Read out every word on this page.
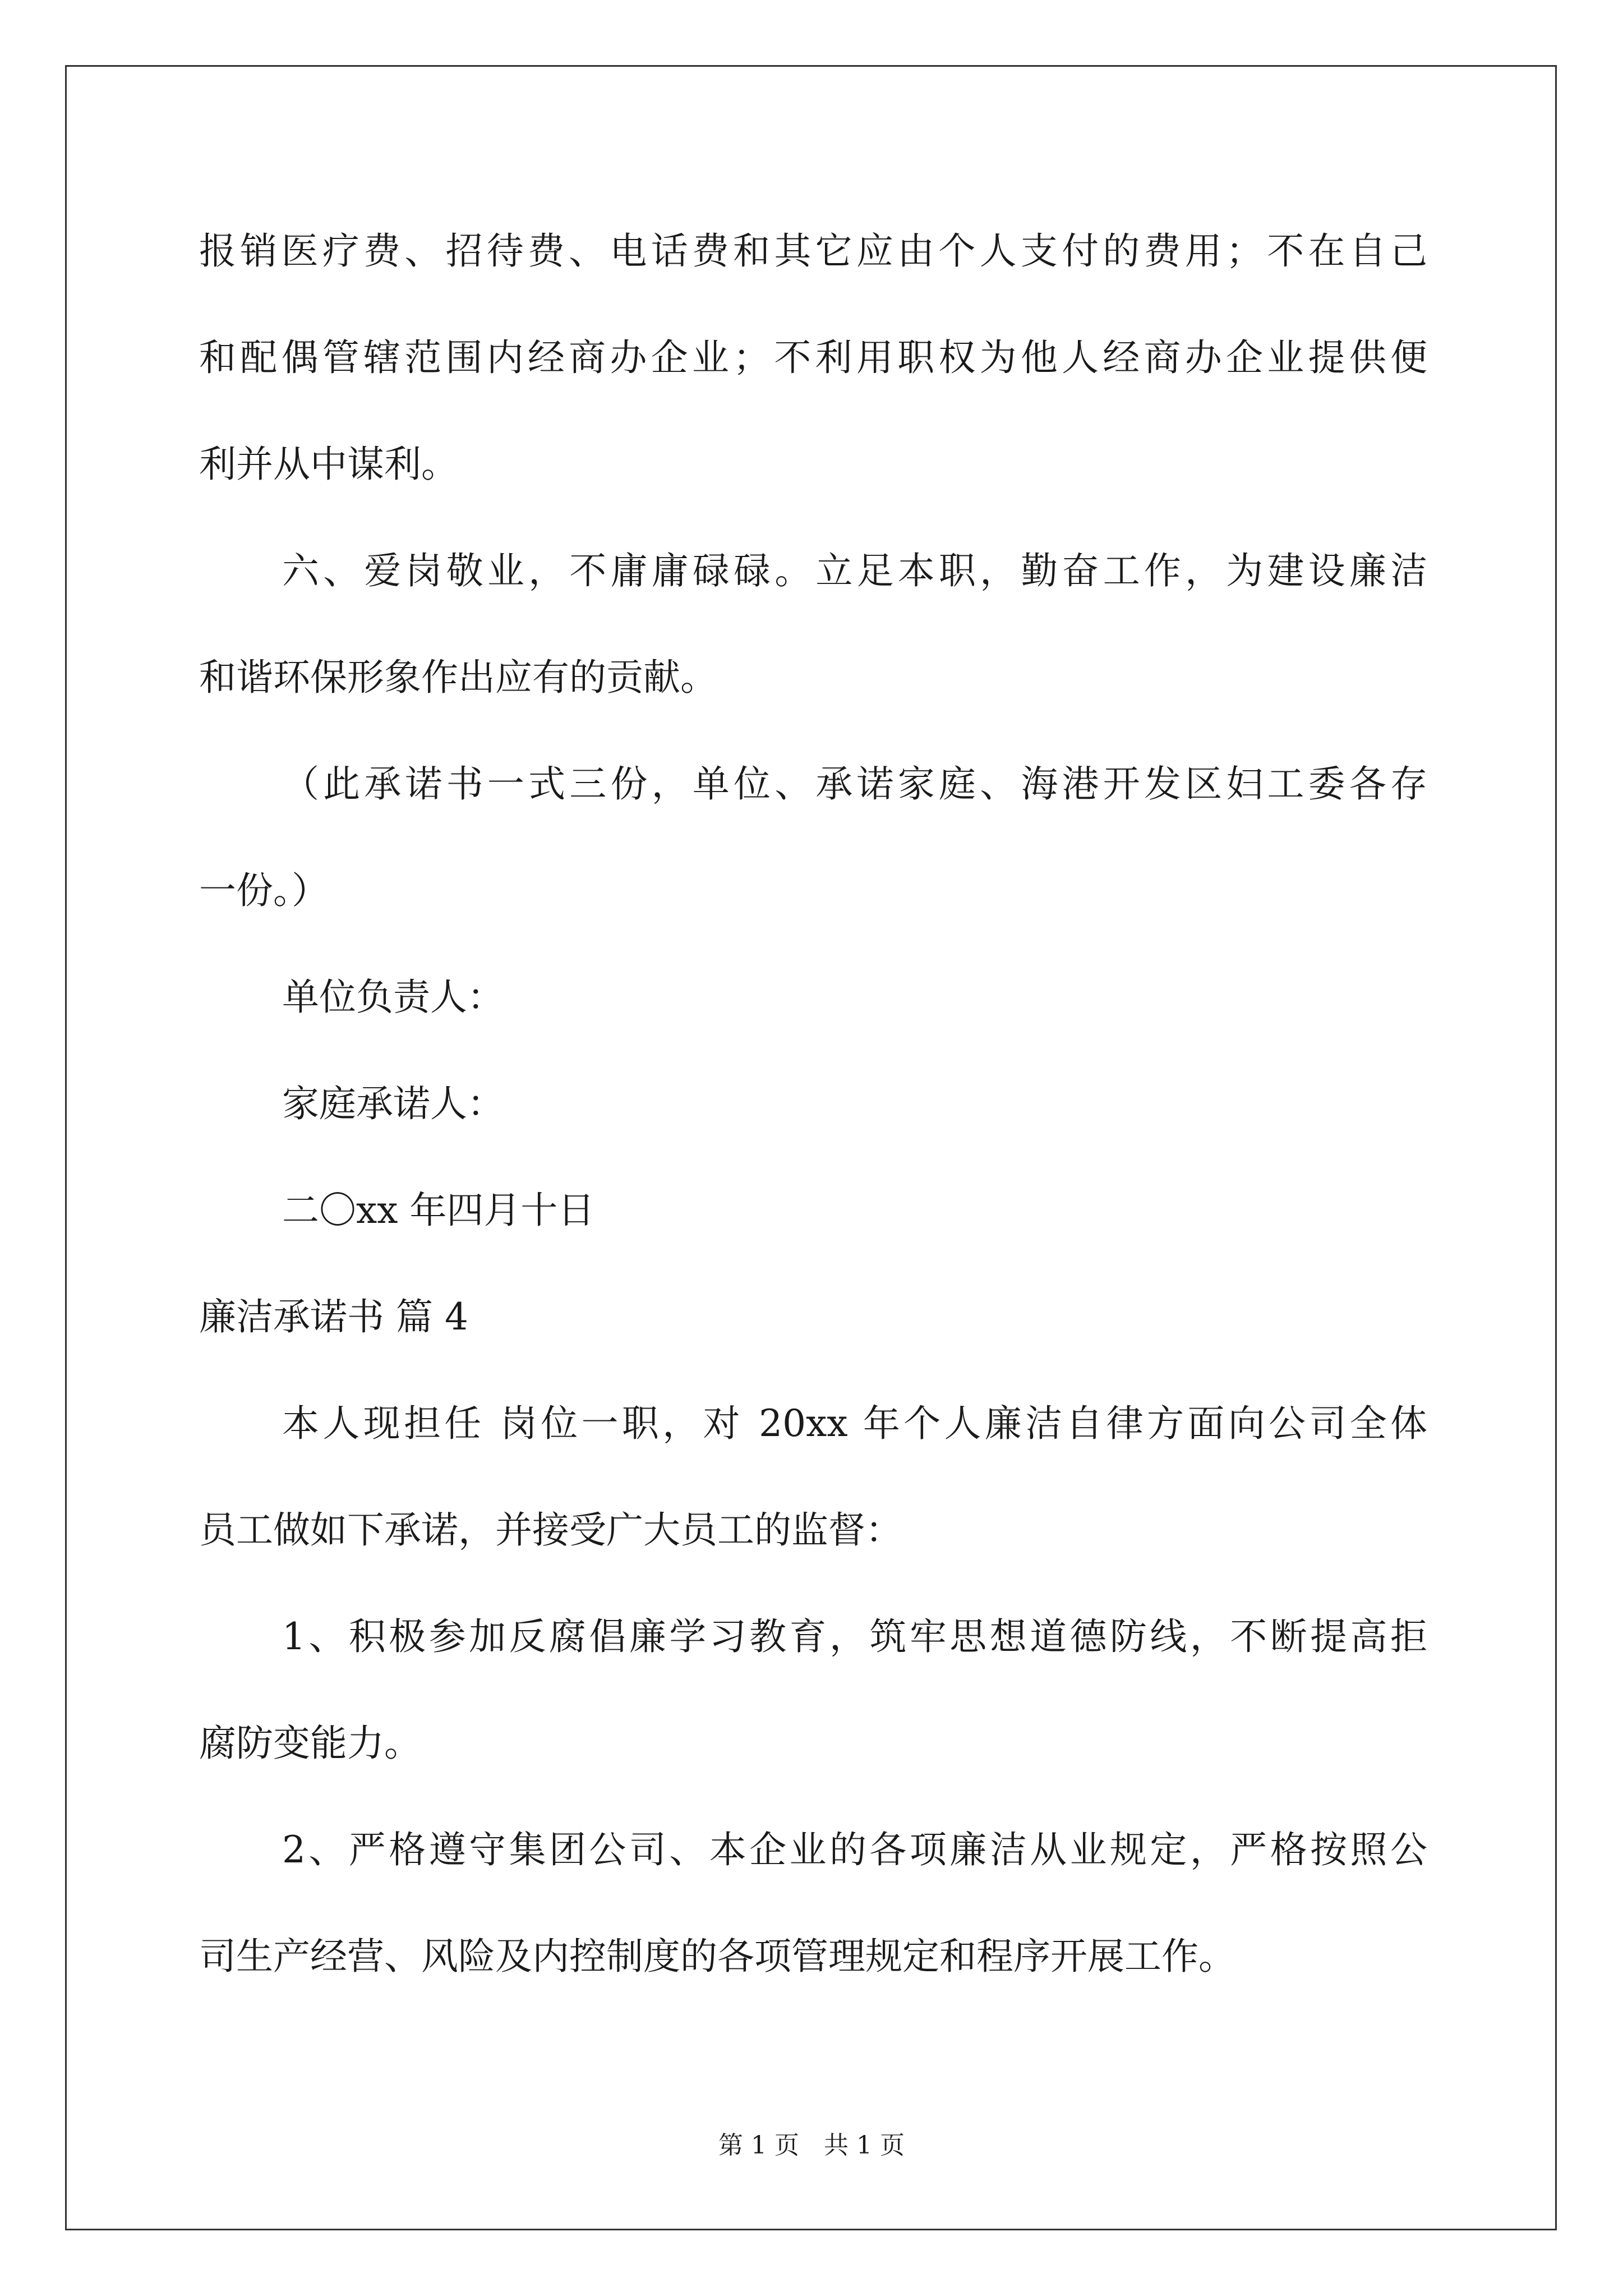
报销医疗费、招待费、电话费和其它应由个人支付的费用；不在自己
和配偶管辖范围内经商办企业；不利用职权为他人经商办企业提供便
利并从中谋利。
六、爱岗敬业，不庸庸碌碌。立足本职，勤奋工作，为建设廉洁
和谐环保形象作出应有的贡献。
（此承诺书一式三份，单位、承诺家庭、海港开发区妇工委各存
一份。）
单位负责人：
家庭承诺人：
二〇xx 年四月十日
廉洁承诺书 篇 4
本人现担任 岗位一职，对 20xx 年个人廉洁自律方面向公司全体
员工做如下承诺，并接受广大员工的监督：
1、积极参加反腐倡廉学习教育，筑牢思想道德防线，不断提高拒
腐防变能力。
2、严格遵守集团公司、本企业的各项廉洁从业规定，严格按照公
司生产经营、风险及内控制度的各项管理规定和程序开展工作。
第 1 页　共 1 页
